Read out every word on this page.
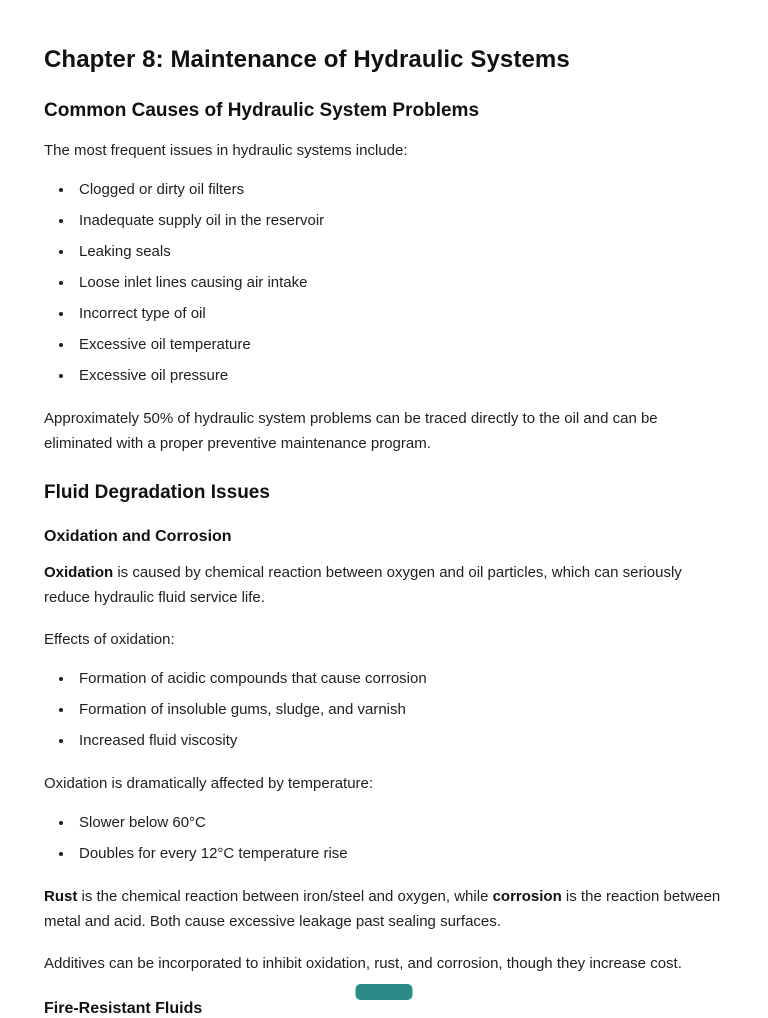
Chapter 8: Maintenance of Hydraulic Systems
Common Causes of Hydraulic System Problems

The most frequent issues in hydraulic systems include:

• Clogged or dirty oil filters
• Inadequate supply oil in the reservoir
• Leaking seals
• Loose inlet lines causing air intake
• Incorrect type of oil
• Excessive oil temperature
• Excessive oil pressure

Approximately 50% of hydraulic system problems can be traced directly to the oil and can be eliminated with a proper preventive maintenance program.

Fluid Degradation Issues
Oxidation and Corrosion

Oxidation is caused by chemical reaction between oxygen and oil particles, which can seriously reduce hydraulic fluid service life.

Effects of oxidation:

• Formation of acidic compounds that cause corrosion
• Formation of insoluble gums, sludge, and varnish
• Increased fluid viscosity

Oxidation is dramatically affected by temperature:

• Slower below 60°C
• Doubles for every 12°C temperature rise

Rust is the chemical reaction between iron/steel and oxygen, while corrosion is the reaction between metal and acid. Both cause excessive leakage past sealing surfaces.

Additives can be incorporated to inhibit oxidation, rust, and corrosion, though they increase cost.

Fire-Resistant Fluids
